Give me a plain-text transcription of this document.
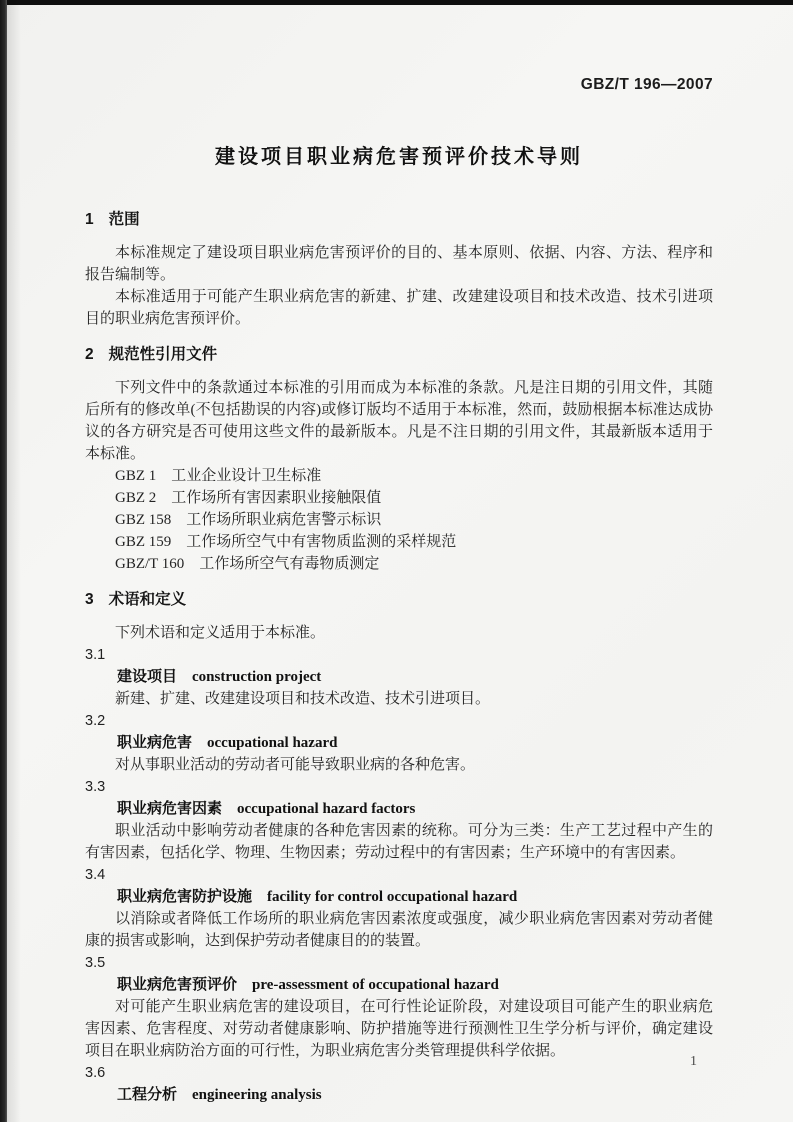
GBZ/T 196—2007
建设项目职业病危害预评价技术导则
1 范围

本标准规定了建设项目职业病危害预评价的目的、基本原则、依据、内容、方法、程序和报告编制等。

本标准适用于可能产生职业病危害的新建、扩建、改建建设项目和技术改造、技术引进项目的职业病危害预评价。

2 规范性引用文件

下列文件中的条款通过本标准的引用而成为本标准的条款。凡是注日期的引用文件，其随后所有的修改单(不包括勘误的内容)或修订版均不适用于本标准，然而，鼓励根据本标准达成协议的各方研究是否可使用这些文件的最新版本。凡是不注日期的引用文件，其最新版本适用于本标准。

GBZ 1 工业企业设计卫生标准
GBZ 2 工作场所有害因素职业接触限值
GBZ 158 工作场所职业病危害警示标识
GBZ 159 工作场所空气中有害物质监测的采样规范
GBZ/T 160 工作场所空气有毒物质测定
3 术语和定义

下列术语和定义适用于本标准。

3.1
建设项目 construction project

新建、扩建、改建建设项目和技术改造、技术引进项目。

3.2
职业病危害 occupational hazard

对从事职业活动的劳动者可能导致职业病的各种危害。

3.3
职业病危害因素 occupational hazard factors

职业活动中影响劳动者健康的各种危害因素的统称。可分为三类：生产工艺过程中产生的有害因素，包括化学、物理、生物因素；劳动过程中的有害因素；生产环境中的有害因素。

3.4
职业病危害防护设施 facility for control occupational hazard

以消除或者降低工作场所的职业病危害因素浓度或强度，减少职业病危害因素对劳动者健康的损害或影响，达到保护劳动者健康目的的装置。

3.5
职业病危害预评价 pre-assessment of occupational hazard

对可能产生职业病危害的建设项目，在可行性论证阶段，对建设项目可能产生的职业病危害因素、危害程度、对劳动者健康影响、防护措施等进行预测性卫生学分析与评价，确定建设项目在职业病防治方面的可行性，为职业病危害分类管理提供科学依据。

3.6
工程分析 engineering analysis
1
